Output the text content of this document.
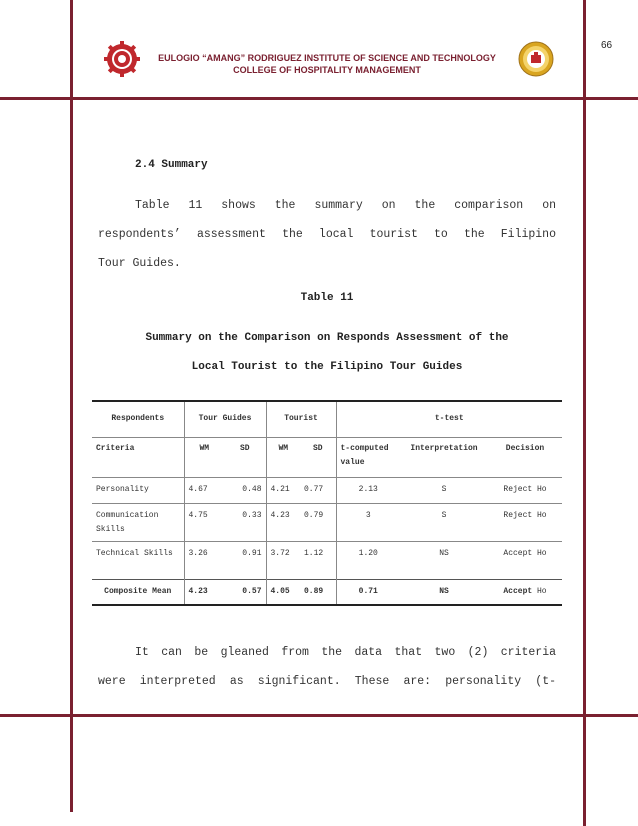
66
EULOGIO “AMANG” RODRIGUEZ INSTITUTE OF SCIENCE AND TECHNOLOGY
COLLEGE OF HOSPITALITY MANAGEMENT
2.4 Summary
Table 11 shows the summary on the comparison on
respondents’ assessment the local tourist to the Filipino
Tour Guides.
Table 11
Summary on the Comparison on Responds Assessment of the
Local Tourist to the Filipino Tour Guides
Respondents	Tour Guides		Tourist		t-test		
Criteria	WM	SD	WM	SD	t-computed value	Interpretation	Decision
Personality	4.67	0.48	4.21	0.77	2.13	S	Reject Ho
Communication Skills	4.75	0.33	4.23	0.79	3	S	Reject Ho
Technical Skills	3.26	0.91	3.72	1.12	1.20	NS	Accept Ho
Composite Mean	4.23	0.57	4.05	0.89	0.71	NS	Accept Ho
It can be gleaned from the data that two (2) criteria
were interpreted as significant. These are: personality (t-
